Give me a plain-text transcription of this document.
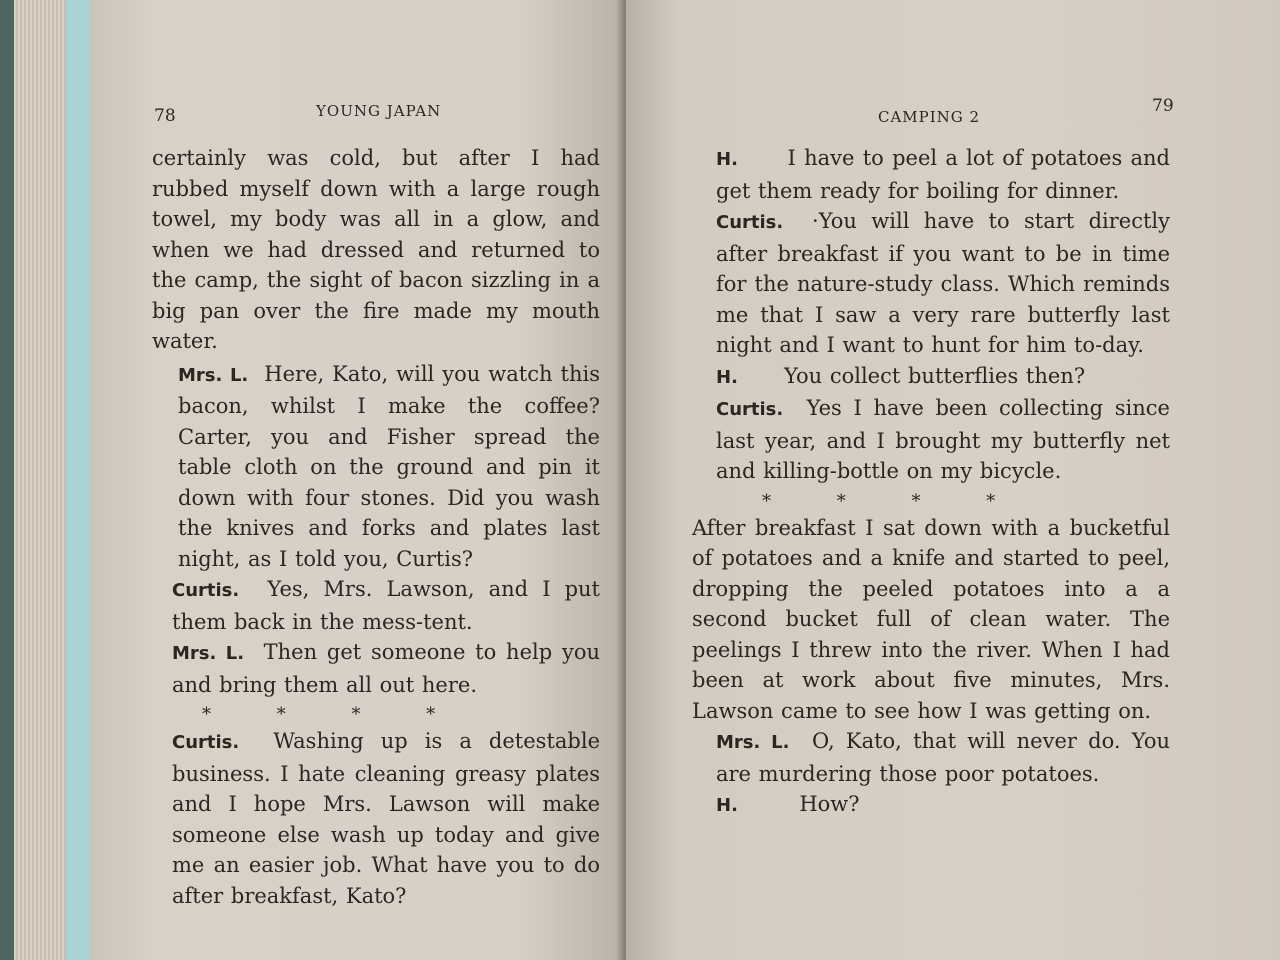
78	YOUNG JAPAN

certainly was cold, but after I had rubbed myself down with a large rough towel, my body was all in a glow, and when we had dressed and returned to the camp, the sight of bacon sizzling in a big pan over the fire made my mouth water.

Mrs. L. Here, Kato, will you watch this bacon, whilst I make the coffee? Carter, you and Fisher spread the table cloth on the ground and pin it down with four stones. Did you wash the knives and forks and plates last night, as I told you, Curtis?
Curtis. Yes, Mrs. Lawson, and I put them back in the mess-tent.
Mrs. L. Then get someone to help you and bring them all out here.
* * * *
Curtis. Washing up is a detestable business. I hate cleaning greasy plates and I hope Mrs. Lawson will make someone else wash up today and give me an easier job. What have you to do after breakfast, Kato?
CAMPING 2
79
H. I have to peel a lot of potatoes and get them ready for boiling for dinner.
Curtis. ·You will have to start directly after breakfast if you want to be in time for the nature-study class. Which reminds me that I saw a very rare butterfly last night and I want to hunt for him to-day.
H. You collect butterflies then?
Curtis. Yes I have been collecting since last year, and I brought my butterfly net and killing-bottle on my bicycle.
* * * *

After breakfast I sat down with a bucketful of potatoes and a knife and started to peel, dropping the peeled potatoes into a a second bucket full of clean water. The peelings I threw into the river. When I had been at work about five minutes, Mrs. Lawson came to see how I was getting on.

Mrs. L. O, Kato, that will never do. You are murdering those poor potatoes.
H.	How?
